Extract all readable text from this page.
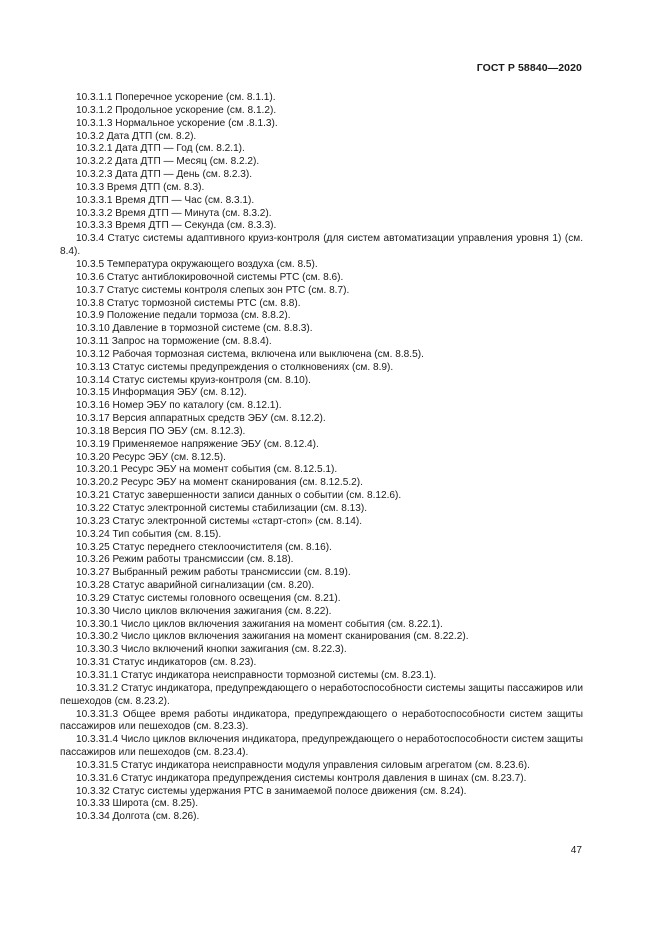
ГОСТ Р 58840—2020
10.3.1.1 Поперечное ускорение (см. 8.1.1).
10.3.1.2 Продольное ускорение (см. 8.1.2).
10.3.1.3 Нормальное ускорение (см .8.1.3).
10.3.2 Дата ДТП (см. 8.2).
10.3.2.1 Дата ДТП — Год (см. 8.2.1).
10.3.2.2 Дата ДТП — Месяц (см. 8.2.2).
10.3.2.3 Дата ДТП — День (см. 8.2.3).
10.3.3 Время ДТП (см. 8.3).
10.3.3.1 Время ДТП — Час (см. 8.3.1).
10.3.3.2 Время ДТП — Минута (см. 8.3.2).
10.3.3.3 Время ДТП — Секунда (см. 8.3.3).
10.3.4 Статус системы адаптивного круиз-контроля (для систем автоматизации управления уровня 1) (см. 8.4).
10.3.5 Температура окружающего воздуха (см. 8.5).
10.3.6 Статус антиблокировочной системы РТС (см. 8.6).
10.3.7 Статус системы контроля слепых зон РТС (см. 8.7).
10.3.8 Статус тормозной системы РТС (см. 8.8).
10.3.9 Положение педали тормоза (см. 8.8.2).
10.3.10 Давление в тормозной системе (см. 8.8.3).
10.3.11 Запрос на торможение (см. 8.8.4).
10.3.12 Рабочая тормозная система, включена или выключена (см. 8.8.5).
10.3.13 Статус системы предупреждения о столкновениях (см. 8.9).
10.3.14 Статус системы круиз-контроля (см. 8.10).
10.3.15 Информация ЭБУ (см. 8.12).
10.3.16 Номер ЭБУ по каталогу (см. 8.12.1).
10.3.17 Версия аппаратных средств ЭБУ (см. 8.12.2).
10.3.18 Версия ПО ЭБУ (см. 8.12.3).
10.3.19 Применяемое напряжение ЭБУ (см. 8.12.4).
10.3.20 Ресурс ЭБУ (см. 8.12.5).
10.3.20.1 Ресурс ЭБУ на момент события (см. 8.12.5.1).
10.3.20.2 Ресурс ЭБУ на момент сканирования (см. 8.12.5.2).
10.3.21 Статус завершенности записи данных о событии (см. 8.12.6).
10.3.22 Статус электронной системы стабилизации (см. 8.13).
10.3.23 Статус электронной системы «старт-стоп» (см. 8.14).
10.3.24 Тип события (см. 8.15).
10.3.25 Статус переднего стеклоочистителя (см. 8.16).
10.3.26 Режим работы трансмиссии (см. 8.18).
10.3.27 Выбранный режим работы трансмиссии (см. 8.19).
10.3.28 Статус аварийной сигнализации (см. 8.20).
10.3.29 Статус системы головного освещения (см. 8.21).
10.3.30 Число циклов включения зажигания (см. 8.22).
10.3.30.1 Число циклов включения зажигания на момент события (см. 8.22.1).
10.3.30.2 Число циклов включения зажигания на момент сканирования (см. 8.22.2).
10.3.30.3 Число включений кнопки зажигания (см. 8.22.3).
10.3.31 Статус индикаторов (см. 8.23).
10.3.31.1 Статус индикатора неисправности тормозной системы (см. 8.23.1).
10.3.31.2 Статус индикатора, предупреждающего о неработоспособности системы защиты пассажиров или пешеходов (см. 8.23.2).
10.3.31.3 Общее время работы индикатора, предупреждающего о неработоспособности систем защиты пассажиров или пешеходов (см. 8.23.3).
10.3.31.4 Число циклов включения индикатора, предупреждающего о неработоспособности систем защиты пассажиров или пешеходов (см. 8.23.4).
10.3.31.5 Статус индикатора неисправности модуля управления силовым агрегатом (см. 8.23.6).
10.3.31.6 Статус индикатора предупреждения системы контроля давления в шинах (см. 8.23.7).
10.3.32 Статус системы удержания РТС в занимаемой полосе движения (см. 8.24).
10.3.33 Широта (см. 8.25).
10.3.34 Долгота (см. 8.26).
47
